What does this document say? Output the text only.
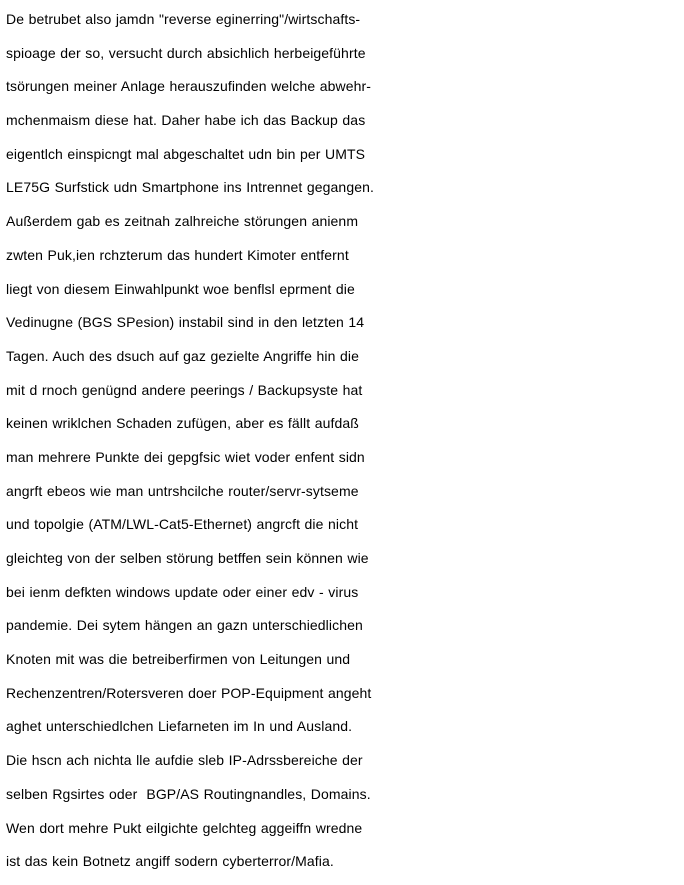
De betrubet also jamdn "reverse eginerring"/wirtschafts-
spioage der so, versucht durch absichlich herbeigeführte
tsörungen meiner Anlage herauszufinden welche abwehr-
mchenmaism diese hat. Daher habe ich das Backup das
eigentlch einspicngt mal abgeschaltet udn bin per UMTS
LE75G Surfstick udn Smartphone ins Intrennet gegangen.
Außerdem gab es zeitnah zalhreiche störungen anienm
zwten Puk,ien rchzterum das hundert Kimoter entfernt
liegt von diesem Einwahlpunkt woe benflsl eprment die
Vedinugne (BGS SPesion) instabil sind in den letzten 14
Tagen. Auch des dsuch auf gaz gezielte Angriffe hin die
mit d rnoch genügnd andere peerings / Backupsyste hat
keinen wriklchen Schaden zufügen, aber es fällt aufdaß
man mehrere Punkte dei gepgfsic wiet voder enfent sidn
angrft ebeos wie man untrshcilche router/servr-sytseme
und topolgie (ATM/LWL-Cat5-Ethernet) angrcft die nicht
gleichteg von der selben störung betffen sein können wie
bei ienm defkten windows update oder einer edv - virus
pandemie. Dei sytem hängen an gazn unterschiedlichen
Knoten mit was die betreiberfirmen von Leitungen und
Rechenzentren/Rotersveren doer POP-Equipment angeht
aghet unterschiedlchen Liefarneten im In und Ausland.
Die hscn ach nichta lle aufdie sleb IP-Adrssbereiche der
selben Rgsirtes oder  BGP/AS Routingnandles, Domains.
Wen dort mehre Pukt eilgichte gelchteg aggeiffn wredne
ist das kein Botnetz angiff sodern cyberterror/Mafia.
